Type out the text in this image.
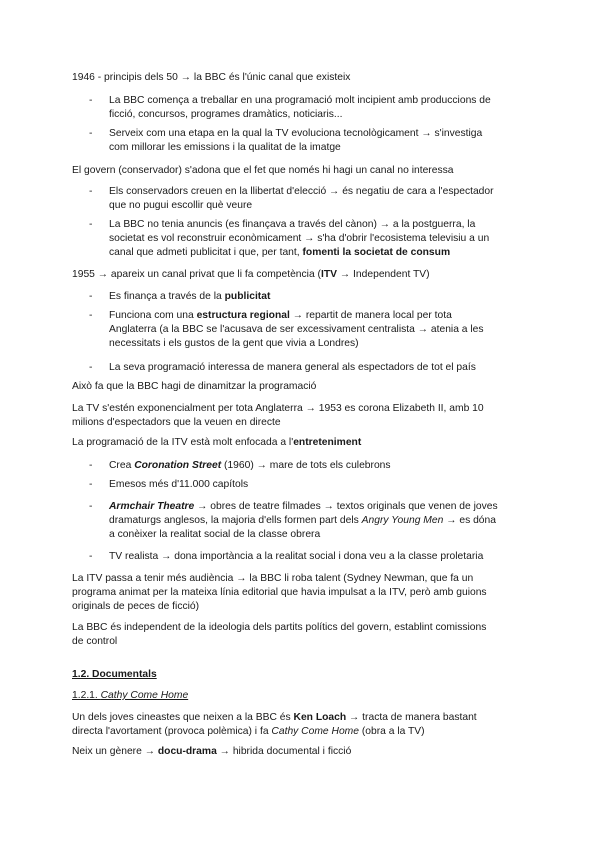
1946 - principis dels 50 → la BBC és l'únic canal que existeix
- La BBC comença a treballar en una programació molt incipient amb produccions de
ficció, concursos, programes dramàtics, noticiaris...
- Serveix com una etapa en la qual la TV evoluciona tecnològicament → s'investiga
com millorar les emissions i la qualitat de la imatge
El govern (conservador) s'adona que el fet que només hi hagi un canal no interessa
- Els conservadors creuen en la llibertat d'elecció → és negatiu de cara a l'espectador
que no pugui escollir què veure
- La BBC no tenia anuncis (es finançava a través del cànon) → a la postguerra, la
societat es vol reconstruir econòmicament → s'ha d'obrir l'ecosistema televisiu a un
canal que admeti publicitat i que, per tant, fomenti la societat de consum
1955 → apareix un canal privat que li fa competència (ITV → Independent TV)
- Es finança a través de la publicitat
- Funciona com una estructura regional → repartit de manera local per tota
Anglaterra (a la BBC se l'acusava de ser excessivament centralista → atenia a les
necessitats i els gustos de la gent que vivia a Londres)
- La seva programació interessa de manera general als espectadors de tot el país
Això fa que la BBC hagi de dinamitzar la programació
La TV s'estén exponencialment per tota Anglaterra → 1953 es corona Elizabeth II, amb 10
milions d'espectadors que la veuen en directe
La programació de la ITV està molt enfocada a l'entreteniment
- Crea Coronation Street (1960) → mare de tots els culebrons
- Emesos més d'11.000 capítols
- Armchair Theatre → obres de teatre filmades → textos originals que venen de joves
dramaturgs anglesos, la majoria d'ells formen part dels Angry Young Men → es dóna
a conèixer la realitat social de la classe obrera
- TV realista → dona importància a la realitat social i dona veu a la classe proletaria
La ITV passa a tenir més audiència → la BBC li roba talent (Sydney Newman, que fa un
programa animat per la mateixa línia editorial que havia impulsat a la ITV, però amb guions
originals de peces de ficció)
La BBC és independent de la ideologia dels partits polítics del govern, establint comissions
de control
1.2. Documentals
1.2.1. Cathy Come Home
Un dels joves cineastes que neixen a la BBC és Ken Loach → tracta de manera bastant
directa l'avortament (provoca polèmica) i fa Cathy Come Home (obra a la TV)
Neix un gènere → docu-drama → hibrida documental i ficció
